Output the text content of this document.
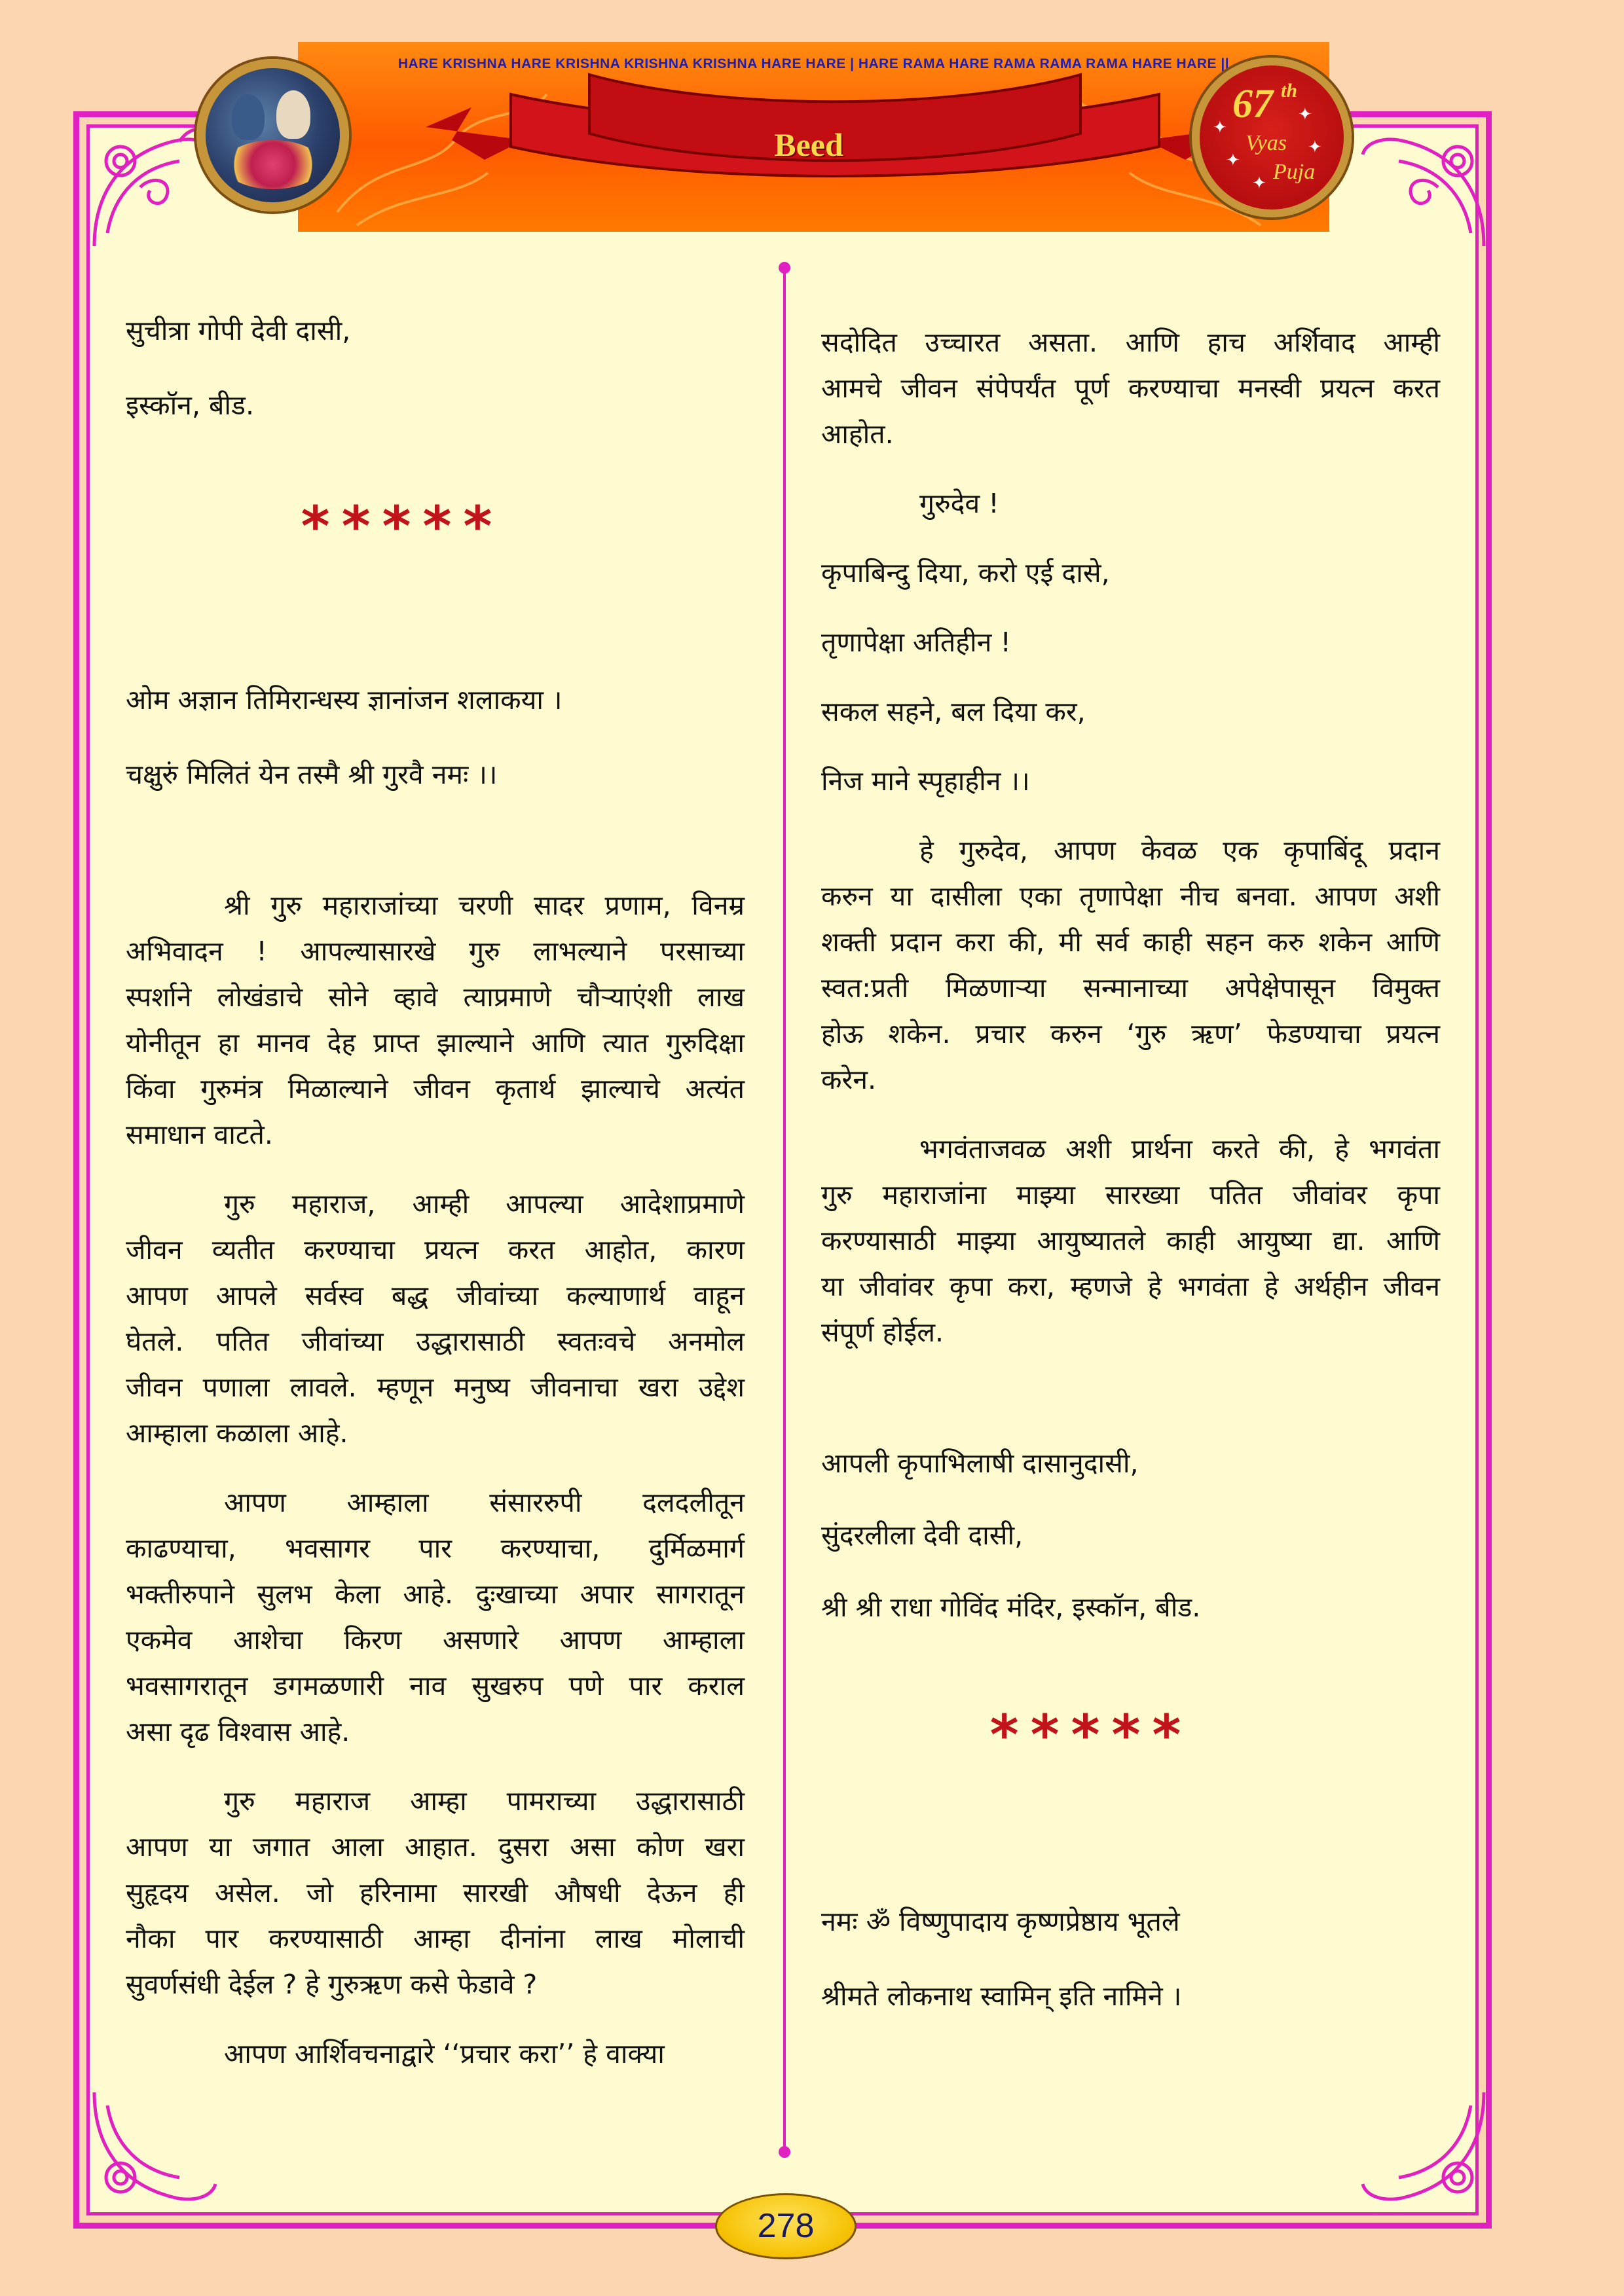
HARE KRISHNA HARE KRISHNA KRISHNA KRISHNA HARE HARE | HARE RAMA HARE RAMA RAMA RAMA HARE HARE ||
Beed
67 th
Vyas
Puja
✦
✦
✦
✦
✦
सुचीत्रा गोपी देवी दासी,
इस्कॉन, बीड.
*****
ओम अज्ञान तिमिरान्धस्य ज्ञानांजन शलाकया ।
चक्षुरुं मिलितं येन तस्मै श्री गुरवै नमः ।।
श्री गुरु महाराजांच्या चरणी सादर प्रणाम, विनम्र
अभिवादन ! आपल्यासारखे गुरु लाभल्याने परसाच्या
स्पर्शाने लोखंडाचे सोने व्हावे त्याप्रमाणे चौऱ्याएंशी लाख
योनीतून हा मानव देह प्राप्त झाल्याने आणि त्यात गुरुदिक्षा
किंवा गुरुमंत्र मिळाल्याने जीवन कृतार्थ झाल्याचे अत्यंत
समाधान वाटते.
गुरु महाराज, आम्ही आपल्या आदेशाप्रमाणे
जीवन व्यतीत करण्याचा प्रयत्न करत आहोत, कारण
आपण आपले सर्वस्व बद्ध जीवांच्या कल्याणार्थ वाहून
घेतले. पतित जीवांच्या उद्धारासाठी स्वतःवचे अनमोल
जीवन पणाला लावले. म्हणून मनुष्य जीवनाचा खरा उद्देश
आम्हाला कळाला आहे.
आपण आम्हाला संसाररुपी दलदलीतून
काढण्याचा, भवसागर पार करण्याचा, दुर्मिळमार्ग
भक्तीरुपाने सुलभ केला आहे. दुःखाच्या अपार सागरातून
एकमेव आशेचा किरण असणारे आपण आम्हाला
भवसागरातून डगमळणारी नाव सुखरुप पणे पार कराल
असा दृढ विश्वास आहे.
गुरु महाराज आम्हा पामराच्या उद्धारासाठी
आपण या जगात आला आहात. दुसरा असा कोण खरा
सुहृदय असेल. जो हरिनामा सारखी औषधी देऊन ही
नौका पार करण्यासाठी आम्हा दीनांना लाख मोलाची
सुवर्णसंधी देईल ? हे गुरुऋण कसे फेडावे ?
आपण आर्शिवचनाद्वारे ‘‘प्रचार करा’’ हे वाक्या
सदोदित उच्चारत असता. आणि हाच अर्शिवाद आम्ही
आमचे जीवन संपेपर्यंत पूर्ण करण्याचा मनस्वी प्रयत्न करत
आहोत.
गुरुदेव !
कृपाबिन्दु दिया, करो एई दासे,
तृणापेक्षा अतिहीन !
सकल सहने, बल दिया कर,
निज माने स्पृहाहीन ।।
हे गुरुदेव, आपण केवळ एक कृपाबिंदू प्रदान
करुन या दासीला एका तृणापेक्षा नीच बनवा. आपण अशी
शक्ती प्रदान करा की, मी सर्व काही सहन करु शकेन आणि
स्वत:प्रती मिळणाऱ्या सन्मानाच्या अपेक्षेपासून विमुक्त
होऊ शकेन. प्रचार करुन ‘गुरु ऋण’ फेडण्याचा प्रयत्न
करेन.
भगवंताजवळ अशी प्रार्थना करते की, हे भगवंता
गुरु महाराजांना माझ्या सारख्या पतित जीवांवर कृपा
करण्यासाठी माझ्या आयुष्यातले काही आयुष्या द्या. आणि
या जीवांवर कृपा करा, म्हणजे हे भगवंता हे अर्थहीन जीवन
संपूर्ण होईल.
आपली कृपाभिलाषी दासानुदासी,
सुंदरलीला देवी दासी,
श्री श्री राधा गोविंद मंदिर, इस्कॉन, बीड.
*****
नमः ॐ विष्णुपादाय कृष्णप्रेष्ठाय भूतले
श्रीमते लोकनाथ स्वामिन् इति नामिने ।
278
